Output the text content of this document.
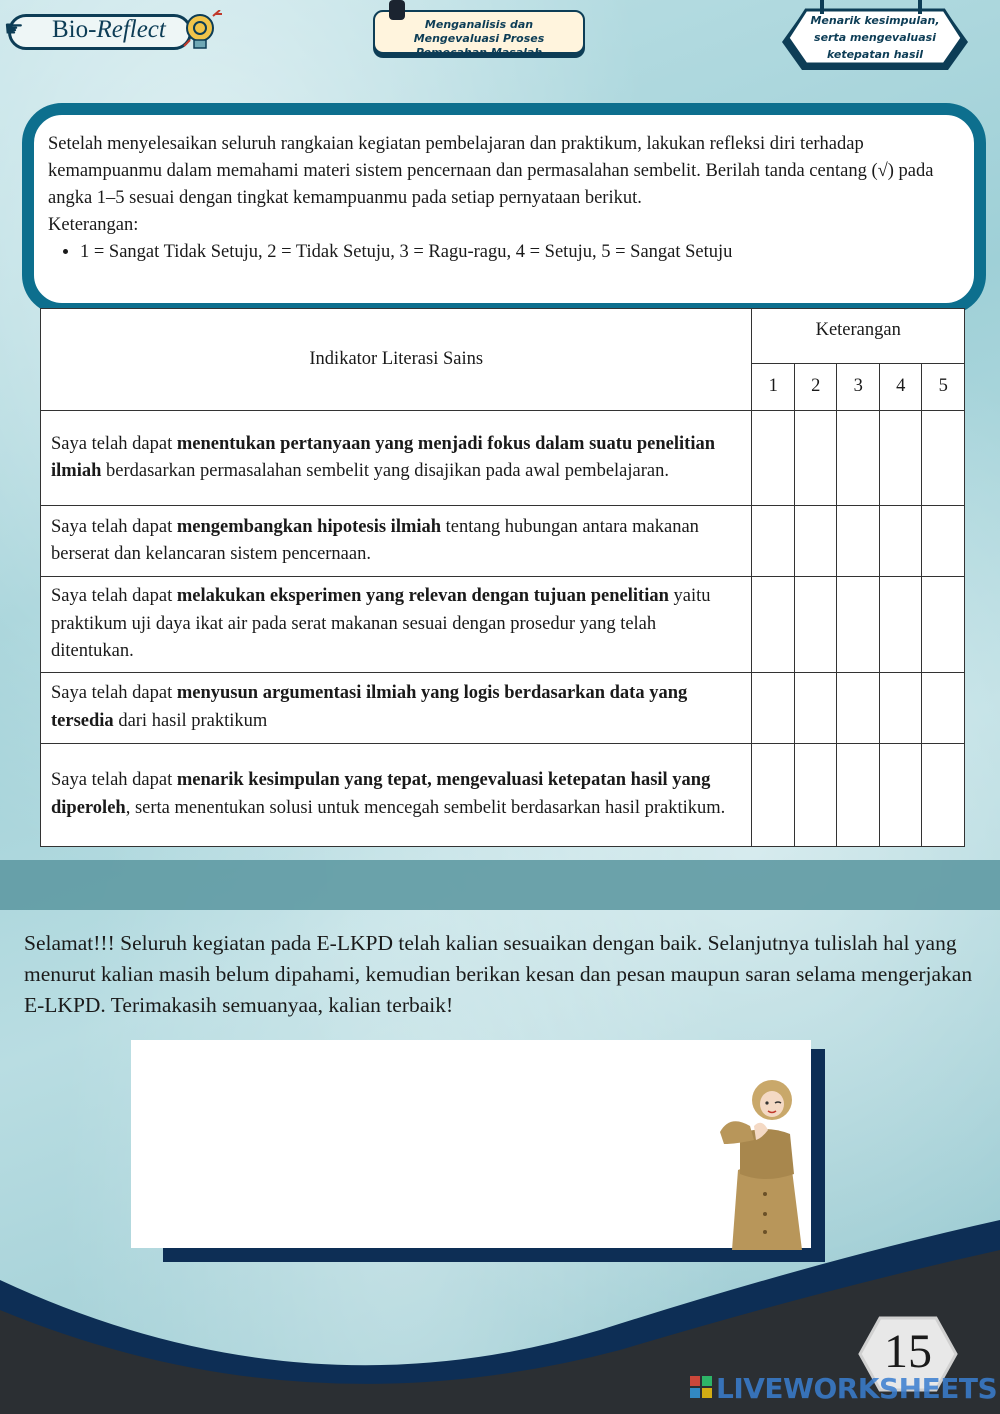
☛	Bio-Reflect	Menganalisis dan Mengevaluasi Proses Pemecahan Masalah
Menarik kesimpulan, serta mengevaluasi ketepatan hasil

Setelah menyelesaikan seluruh rangkaian kegiatan pembelajaran dan praktikum, lakukan refleksi diri terhadap kemampuanmu dalam memahami materi sistem pencernaan dan permasalahan sembelit. Berilah tanda centang (√) pada angka 1–5 sesuai dengan tingkat kemampuanmu pada setiap pernyataan berikut.

Keterangan:

• 1 = Sangat Tidak Setuju, 2 = Tidak Setuju, 3 = Ragu-ragu, 4 = Setuju, 5 = Sangat Setuju
Indikator Literasi Sains	Keterangan				
	1	2	3	4	5
Saya telah dapat menentukan pertanyaan yang menjadi fokus dalam suatu penelitian ilmiah berdasarkan permasalahan sembelit yang disajikan pada awal pembelajaran.					
Saya telah dapat mengembangkan hipotesis ilmiah tentang hubungan antara makanan berserat dan kelancaran sistem pencernaan.					
Saya telah dapat melakukan eksperimen yang relevan dengan tujuan penelitian yaitu praktikum uji daya ikat air pada serat makanan sesuai dengan prosedur yang telah ditentukan.					
Saya telah dapat menyusun argumentasi ilmiah yang logis berdasarkan data yang tersedia dari hasil praktikum					
Saya telah dapat menarik kesimpulan yang tepat, mengevaluasi ketepatan hasil yang diperoleh, serta menentukan solusi untuk mencegah sembelit berdasarkan hasil praktikum.					
Selamat!!! Seluruh kegiatan pada E-LKPD telah kalian sesuaikan dengan baik. Selanjutnya tulislah hal yang menurut kalian masih belum dipahami, kemudian berikan kesan dan pesan maupun saran selama mengerjakan E-LKPD. Terimakasih semuanyaa, kalian terbaik!
15
LIVEWORKSHEETS
